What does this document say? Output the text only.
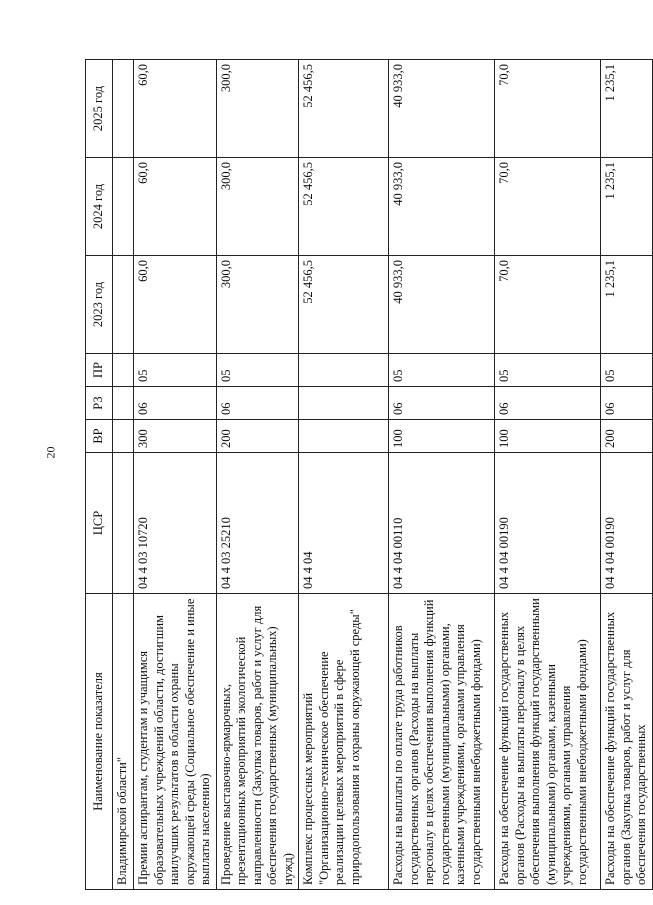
20
Наименование показателя	ЦСР	ВР	РЗ	ПР	2023 год	2024 год	2025 год
Владимирской области"							
Премии аспирантам, студентам и учащимся образовательных учреждений области, достигшим наилучших результатов в области охраны окружающей среды (Социальное обеспечение и иные выплаты населению)	04 4 03 10720	300	06	05	60,0	60,0	60,0
Проведение выставочно-ярмарочных, презентационных мероприятий экологической направленности (Закупка товаров, работ и услуг для обеспечения государственных (муниципальных) нужд)	04 4 03 25210	200	06	05	300,0	300,0	300,0
Комплекс процессных мероприятий "Организационно-техническое обеспечение реализации целевых мероприятий в сфере природопользования и охраны окружающей среды"	04 4 04				52 456,5	52 456,5	52 456,5
Расходы на выплаты по оплате труда работников государственных органов (Расходы на выплаты персоналу в целях обеспечения выполнения функций государственными (муниципальными) органами, казенными учреждениями, органами управления государственными внебюджетными фондами)	04 4 04 00110	100	06	05	40 933,0	40 933,0	40 933,0
Расходы на обеспечение функций государственных органов (Расходы на выплаты персоналу в целях обеспечения выполнения функций государственными (муниципальными) органами, казенными учреждениями, органами управления государственными внебюджетными фондами)	04 4 04 00190	100	06	05	70,0	70,0	70,0
Расходы на обеспечение функций государственных органов (Закупка товаров, работ и услуг для обеспечения государственных	04 4 04 00190	200	06	05	1 235,1	1 235,1	1 235,1
